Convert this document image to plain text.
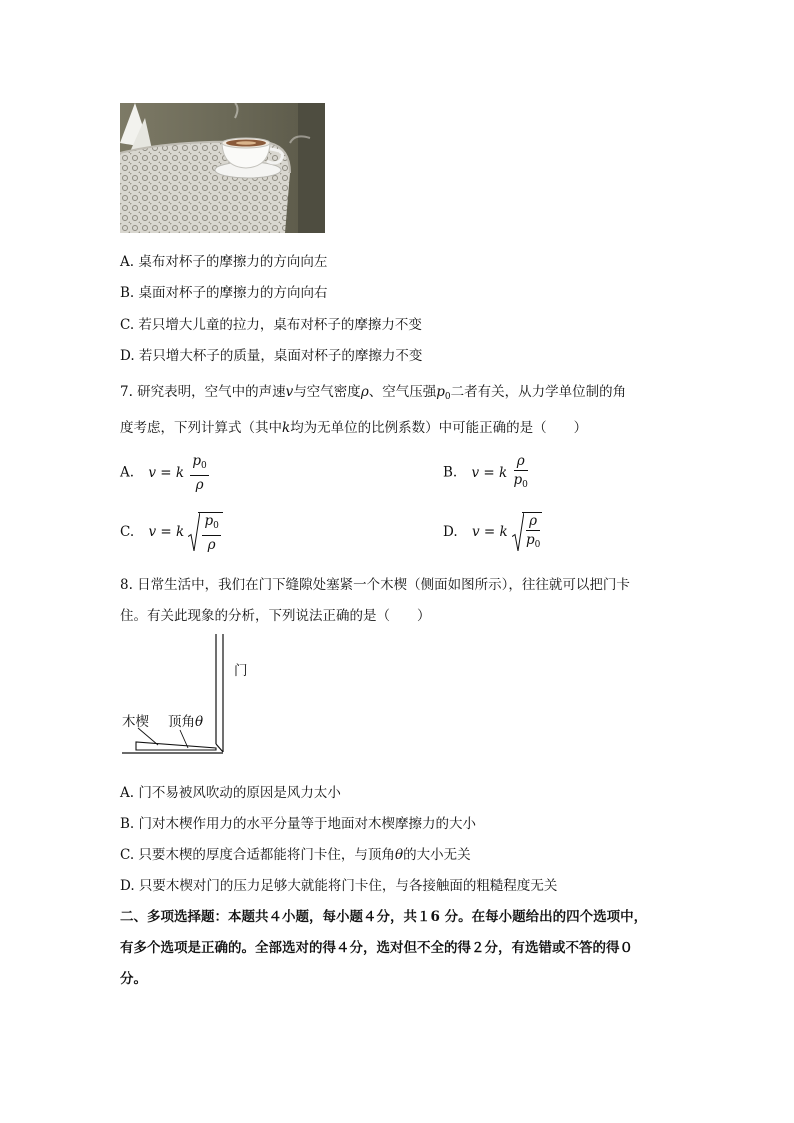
A. 桌布对杯子的摩擦力的方向向左
B. 桌面对杯子的摩擦力的方向向右
C. 若只增大儿童的拉力，桌布对杯子的摩擦力不变
D. 若只增大杯子的质量，桌面对杯子的摩擦力不变
7. 研究表明，空气中的声速v与空气密度ρ、空气压强$p_0$二者有关，从力学单位制的角
度考虑，下列计算式（其中k均为无单位的比例系数）中可能正确的是（　　）
A. v = k $\frac{p_0}{\rho}$	B. v = k $\frac{\rho}{p_0}$
C. v = k $\frac{p_0}{\rho}$	D. v = k $\frac{\rho}{p_0}$
8. 日常生活中，我们在门下缝隙处塞紧一个木楔（侧面如图所示），往往就可以把门卡
住。有关此现象的分析，下列说法正确的是（　　）
门
木楔 顶角θ
A. 门不易被风吹动的原因是风力太小
B. 门对木楔作用力的水平分量等于地面对木楔摩擦力的大小
C. 只要木楔的厚度合适都能将门卡住，与顶角θ的大小无关
D. 只要木楔对门的压力足够大就能将门卡住，与各接触面的粗糙程度无关
二、多项选择题：本题共４小题，每小题４分，共１6 分。在每小题给出的四个选项中，
有多个选项是正确的。全部选对的得４分，选对但不全的得２分，有选错或不答的得０
分。
